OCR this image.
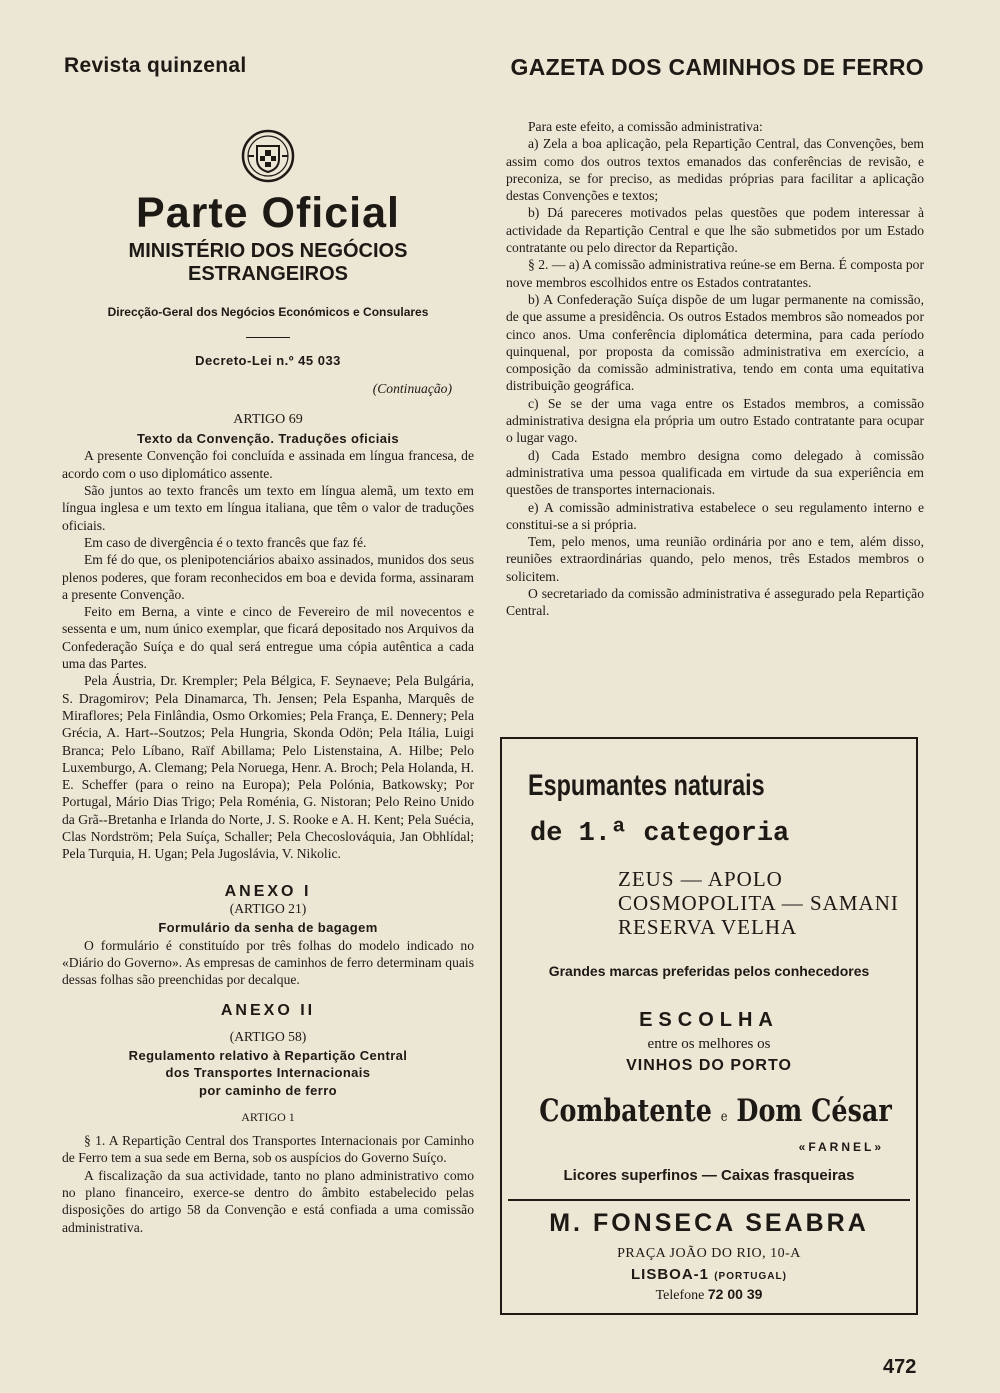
Revista quinzenal	GAZETA DOS CAMINHOS DE FERRO
Parte Oficial
MINISTÉRIO DOS NEGÓCIOS
ESTRANGEIROS
Direcção-Geral dos Negócios Económicos e Consulares
Decreto-Lei n.º 45 033
(Continuação)
ARTIGO 69
Texto da Convenção. Traduções oficiais

A presente Convenção foi concluída e assinada em língua francesa, de acordo com o uso diplomático assente.

São juntos ao texto francês um texto em língua alemã, um texto em língua inglesa e um texto em língua italiana, que têm o valor de traduções oficiais.

Em caso de divergência é o texto francês que faz fé.

Em fé do que, os plenipotenciários abaixo assinados, munidos dos seus plenos poderes, que foram reconhecidos em boa e devida forma, assinaram a presente Convenção.

Feito em Berna, a vinte e cinco de Fevereiro de mil novecentos e sessenta e um, num único exemplar, que ficará depositado nos Arquivos da Confederação Suíça e do qual será entregue uma cópia autêntica a cada uma das Partes.

Pela Áustria, Dr. Krempler; Pela Bélgica, F. Seynaeve; Pela Bulgária, S. Dragomirov; Pela Dinamarca, Th. Jensen; Pela Espanha, Marquês de Miraflores; Pela Finlândia, Osmo Orkomies; Pela França, E. Dennery; Pela Grécia, A. Hart--Soutzos; Pela Hungria, Skonda Odön; Pela Itália, Luigi Branca; Pelo Líbano, Raïf Abillama; Pelo Listenstaina, A. Hilbe; Pelo Luxemburgo, A. Clemang; Pela Noruega, Henr. A. Broch; Pela Holanda, H. E. Scheffer (para o reino na Europa); Pela Polónia, Batkowsky; Por Portugal, Mário Dias Trigo; Pela Roménia, G. Nistoran; Pelo Reino Unido da Grã--Bretanha e Irlanda do Norte, J. S. Rooke e A. H. Kent; Pela Suécia, Clas Nordström; Pela Suíça, Schaller; Pela Checoslováquia, Jan Obhlídal; Pela Turquia, H. Ugan; Pela Jugoslávia, V. Nikolic.

ANEXO I
(ARTIGO 21)
Formulário da senha de bagagem

O formulário é constituído por três folhas do modelo indicado no «Diário do Governo». As empresas de caminhos de ferro determinam quais dessas folhas são preenchidas por decalque.

ANEXO II
(ARTIGO 58)
Regulamento relativo à Repartição Central
dos Transportes Internacionais
por caminho de ferro
ARTIGO 1

§ 1. A Repartição Central dos Transportes Internacionais por Caminho de Ferro tem a sua sede em Berna, sob os auspícios do Governo Suíço.

A fiscalização da sua actividade, tanto no plano administrativo como no plano financeiro, exerce-se dentro do âmbito estabelecido pelas disposições do artigo 58 da Convenção e está confiada a uma comissão administrativa.

Para este efeito, a comissão administrativa:

a) Zela a boa aplicação, pela Repartição Central, das Convenções, bem assim como dos outros textos emanados das conferências de revisão, e preconiza, se for preciso, as medidas próprias para facilitar a aplicação destas Convenções e textos;

b) Dá pareceres motivados pelas questões que podem interessar à actividade da Repartição Central e que lhe são submetidos por um Estado contratante ou pelo director da Repartição.

§ 2. — a) A comissão administrativa reúne-se em Berna. É composta por nove membros escolhidos entre os Estados contratantes.

b) A Confederação Suíça dispõe de um lugar permanente na comissão, de que assume a presidência. Os outros Estados membros são nomeados por cinco anos. Uma conferência diplomática determina, para cada período quinquenal, por proposta da comissão administrativa em exercício, a composição da comissão administrativa, tendo em conta uma equitativa distribuição geográfica.

c) Se se der uma vaga entre os Estados membros, a comissão administrativa designa ela própria um outro Estado contratante para ocupar o lugar vago.

d) Cada Estado membro designa como delegado à comissão administrativa uma pessoa qualificada em virtude da sua experiência em questões de transportes internacionais.

e) A comissão administrativa estabelece o seu regulamento interno e constitui-se a si própria.

Tem, pelo menos, uma reunião ordinária por ano e tem, além disso, reuniões extraordinárias quando, pelo menos, três Estados membros o solicitem.

O secretariado da comissão administrativa é assegurado pela Repartição Central.

Espumantes naturais
de 1.ª categoria
ZEUS — APOLO
COSMOPOLITA — SAMANI
RESERVA VELHA
Grandes marcas preferidas pelos conhecedores
ESCOLHA
entre os melhores os
VINHOS DO PORTO
Combatente e Dom César
«FARNEL»
Licores superfinos — Caixas frasqueiras
M. FONSECA SEABRA
PRAÇA JOÃO DO RIO, 10-A
LISBOA-1 (PORTUGAL)
Telefone 72 00 39
472
